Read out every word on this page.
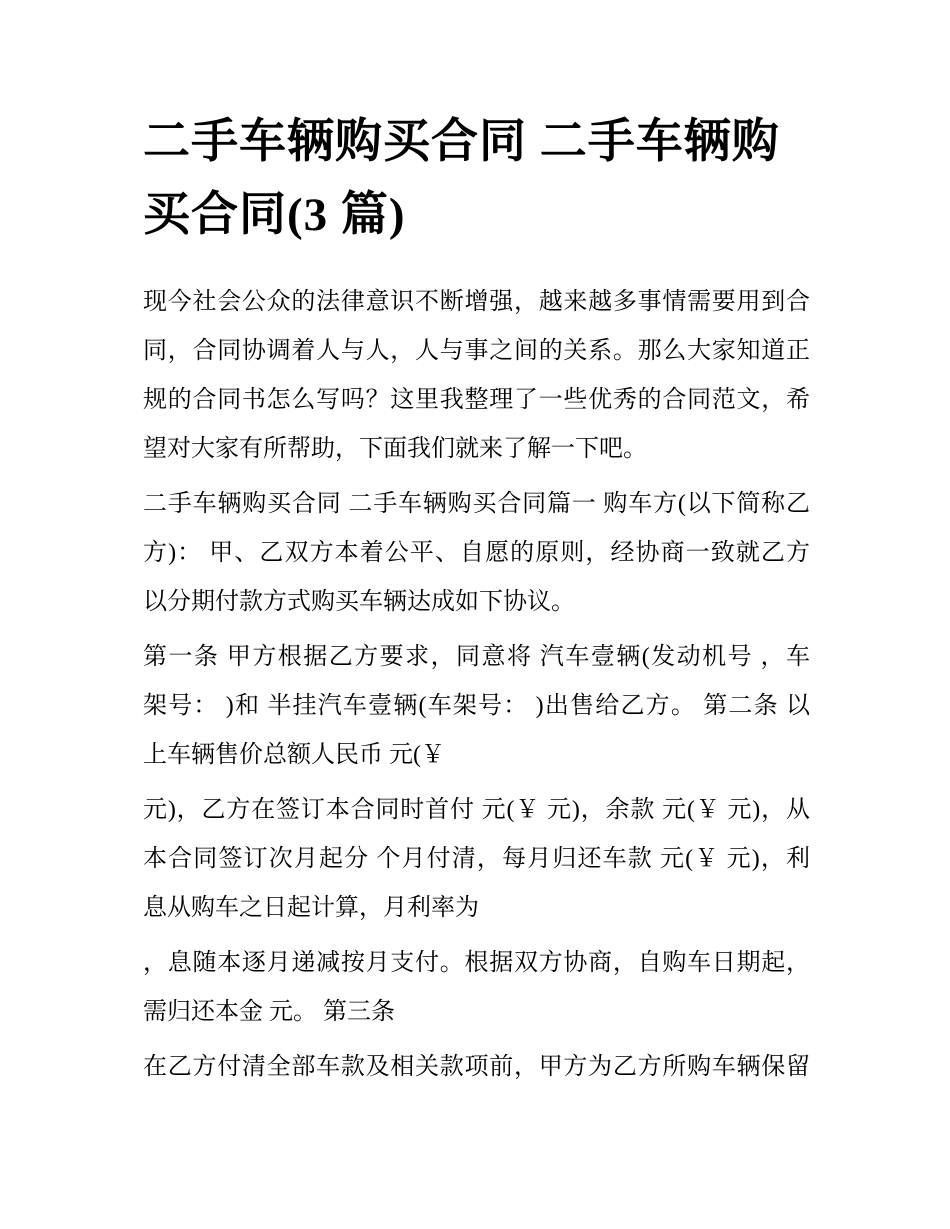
二手车辆购买合同 二手车辆购
买合同(3 篇)
现今社会公众的法律意识不断增强，越来越多事情需要用到合
同，合同协调着人与人，人与事之间的关系。那么大家知道正
规的合同书怎么写吗？这里我整理了一些优秀的合同范文，希
望对大家有所帮助，下面我们就来了解一下吧。
二手车辆购买合同 二手车辆购买合同篇一 购车方(以下简称乙
方)： 甲、乙双方本着公平、自愿的原则，经协商一致就乙方
以分期付款方式购买车辆达成如下协议。
第一条 甲方根据乙方要求，同意将 汽车壹辆(发动机号 ，车
架号： )和 半挂汽车壹辆(车架号： )出售给乙方。 第二条 以
上车辆售价总额人民币 元(￥
元)，乙方在签订本合同时首付 元(￥ 元)，余款 元(￥ 元)，从
本合同签订次月起分 个月付清，每月归还车款 元(￥ 元)，利
息从购车之日起计算，月利率为
，息随本逐月递减按月支付。根据双方协商，自购车日期起，
需归还本金 元。 第三条
在乙方付清全部车款及相关款项前，甲方为乙方所购车辆保留
